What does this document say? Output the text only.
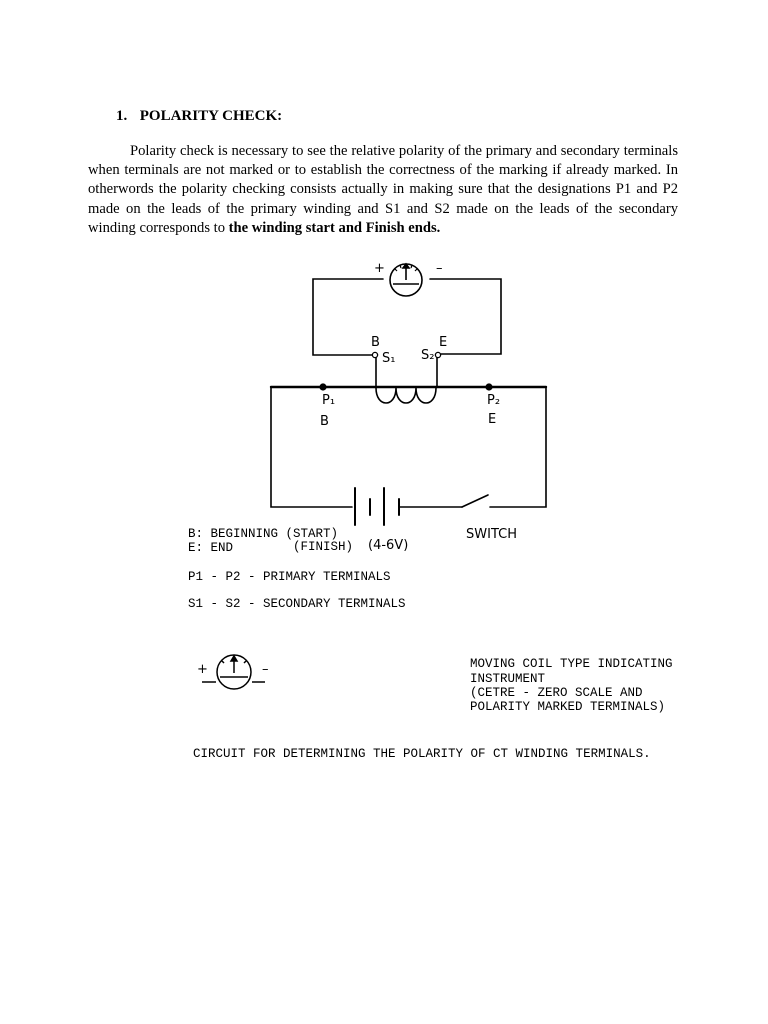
1. POLARITY CHECK:

Polarity check is necessary to see the relative polarity of the primary and secondary terminals when terminals are not marked or to establish the correctness of the marking if already marked. In otherwords the polarity checking consists actually in making sure that the designations P1 and P2 made on the leads of the primary winding and S1 and S2 made on the leads of the secondary winding corresponds to the winding start and Finish ends.

+	–
B	E
S₁ S₂
P₁
B
P₂
E
SWITCH
(4-6V)
B: BEGINNING (START)
E: END	(FINISH)
P1 - P2 - PRIMARY TERMINALS
S1 - S2 - SECONDARY TERMINALS
+	–	MOVING COIL TYPE INDICATING
INSTRUMENT
(CETRE - ZERO SCALE AND
POLARITY MARKED TERMINALS)
CIRCUIT FOR DETERMINING THE POLARITY OF CT WINDING TERMINALS.
